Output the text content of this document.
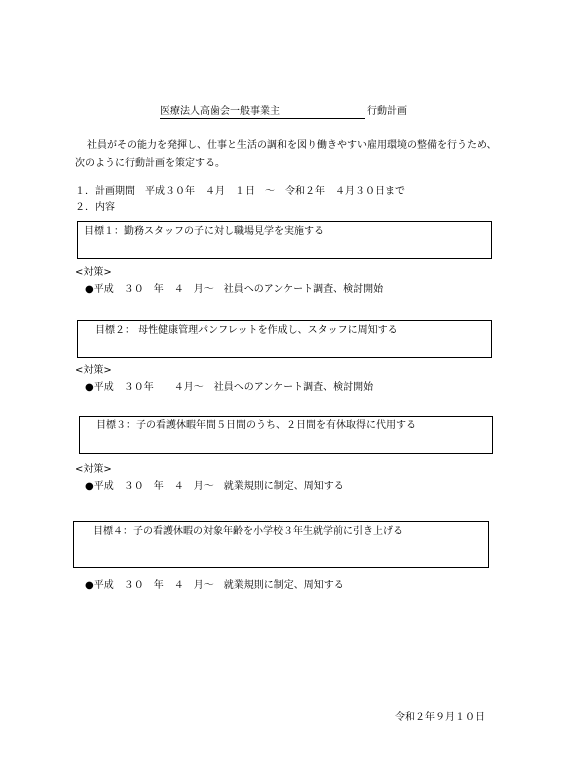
医療法人高歯会一般事業主	行動計画
社員がその能力を発揮し、仕事と生活の調和を図り働きやすい雇用環境の整備を行うため、次のように行動計画を策定する。
１．計画期間　平成３０年　４月　１日　～　令和２年　４月３０日まで
２．内容
目標１：勤務スタッフの子に対し職場見学を実施する
<対策>
●平成　３０　年　４　月～　社員へのアンケート調査、検討開始
目標２： 母性健康管理パンフレットを作成し、スタッフに周知する
<対策>
●平成　３０年　　４月～　社員へのアンケート調査、検討開始
目標３：子の看護休暇年間５日間のうち、２日間を有休取得に代用する
<対策>
●平成　３０　年　４　月～　就業規則に制定、周知する
目標４：子の看護休暇の対象年齢を小学校３年生就学前に引き上げる
●平成　３０　年　４　月～　就業規則に制定、周知する
令和２年９月１０日
